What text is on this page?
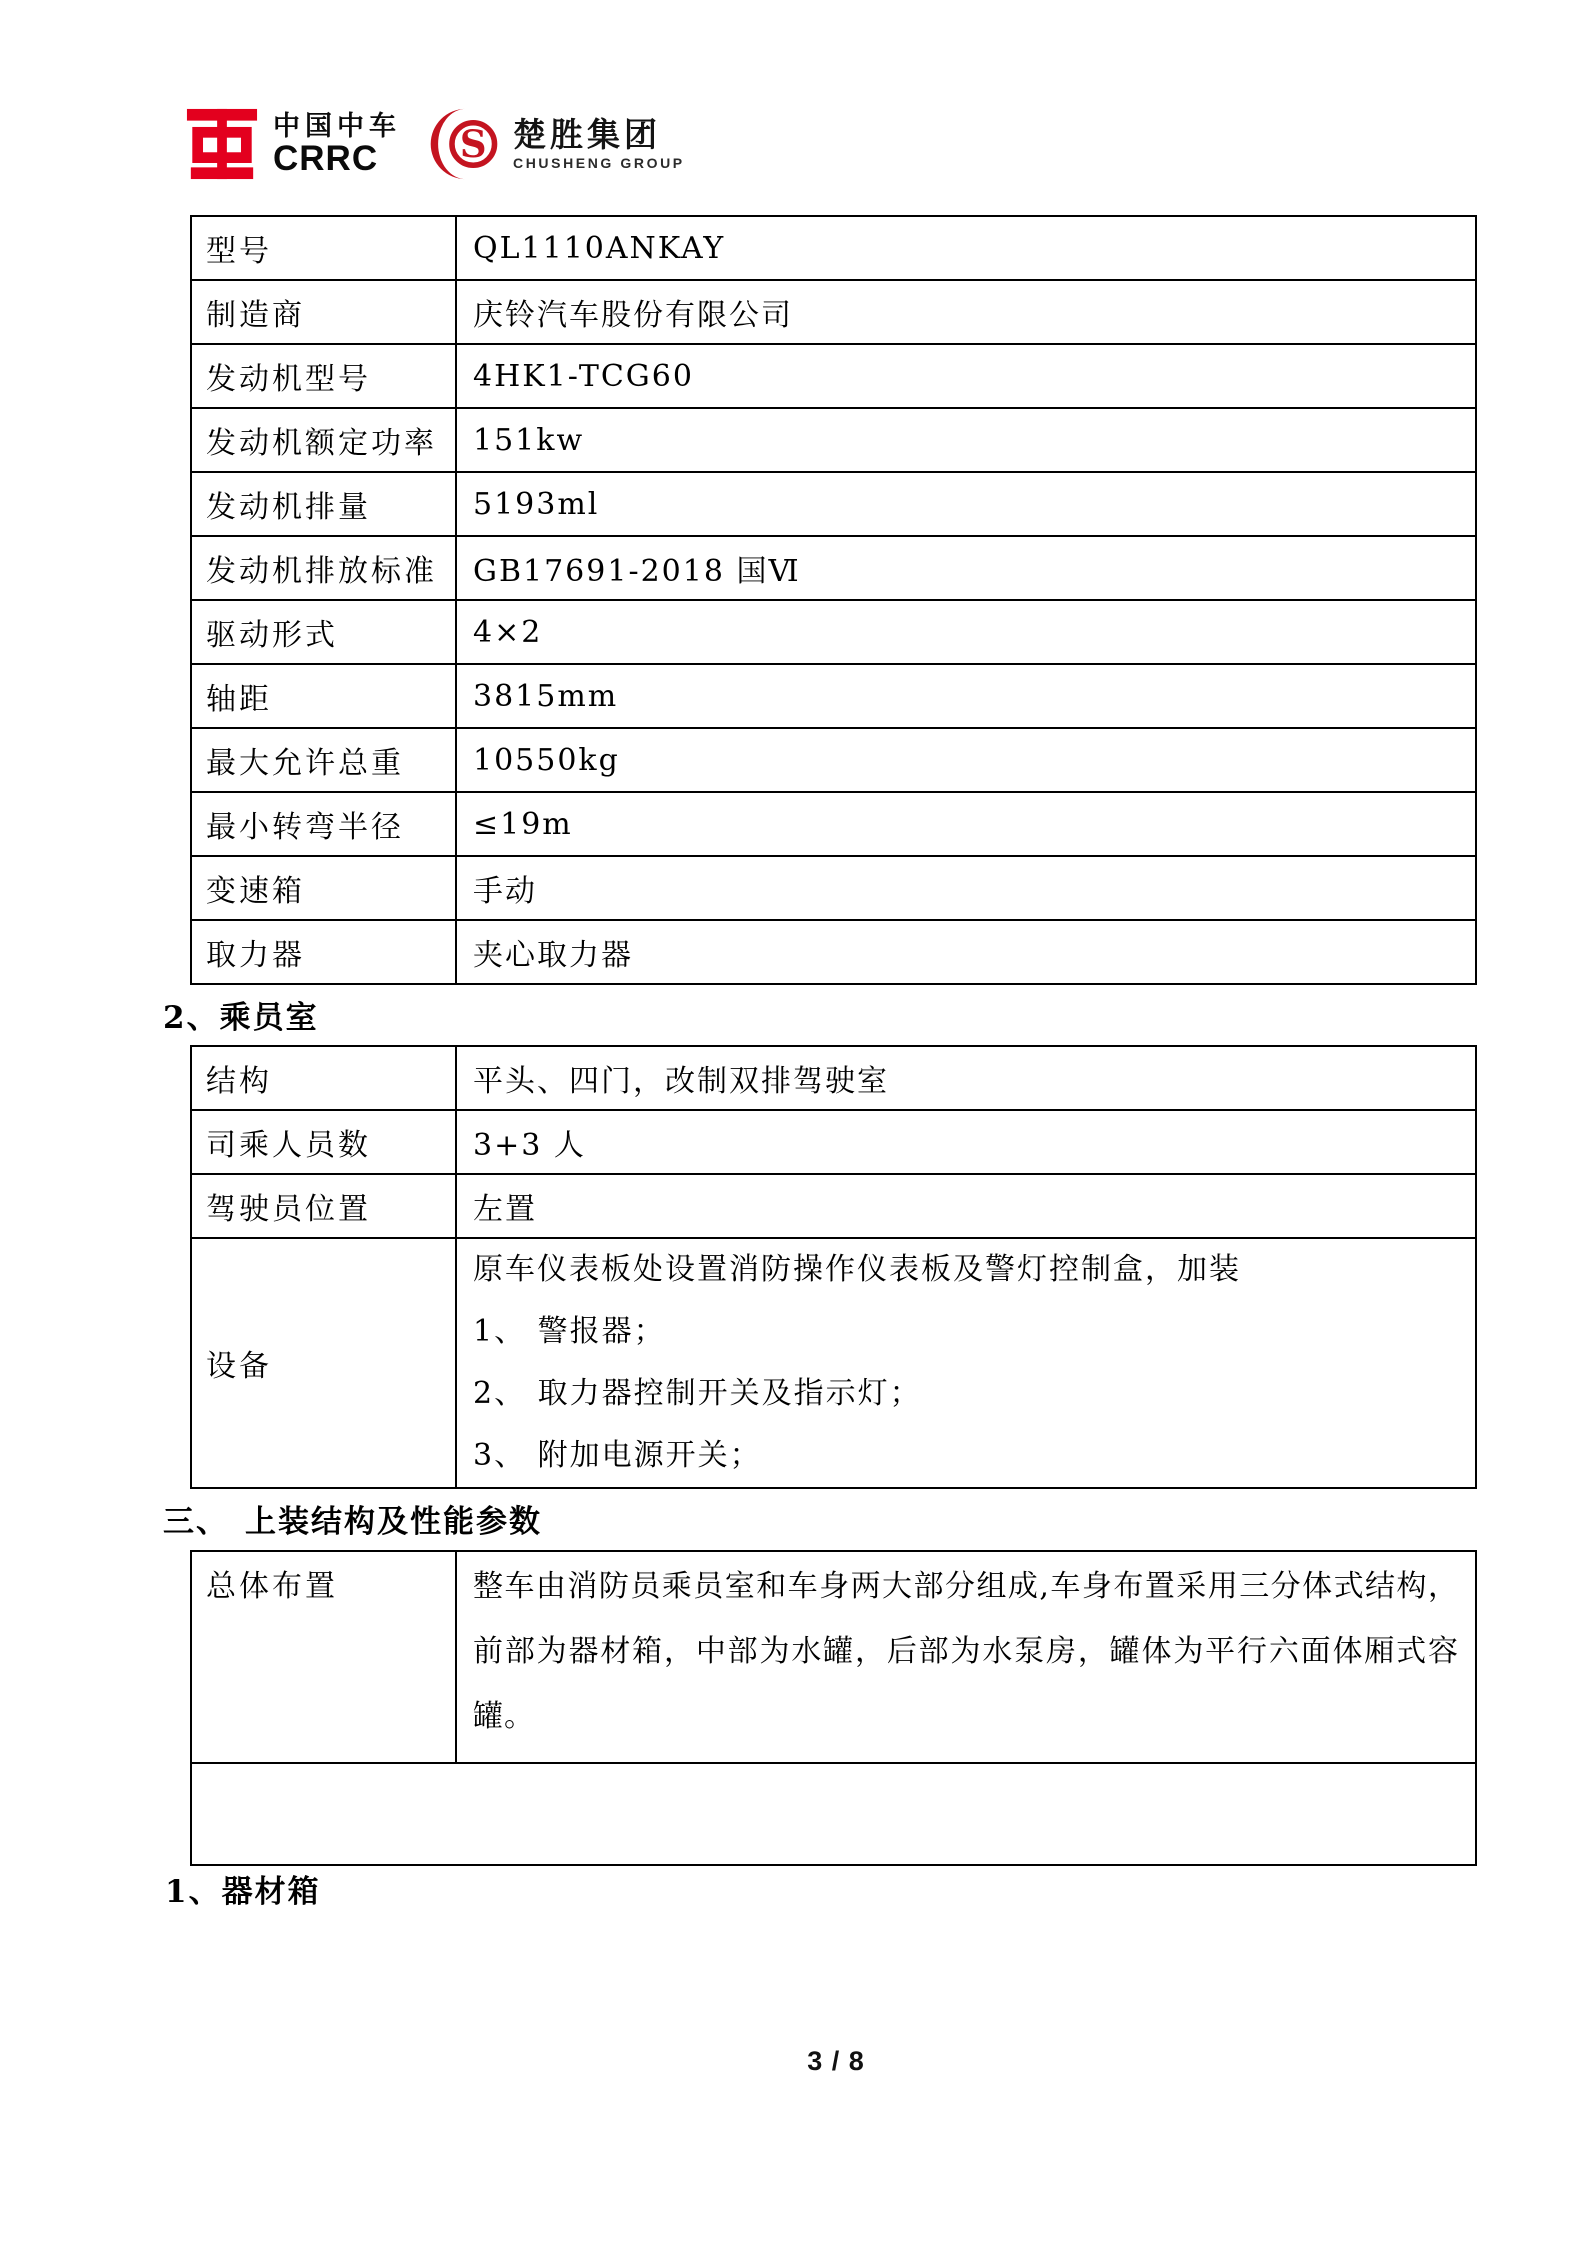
中国中车
CRRC	S 楚胜集团
CHUSHENG GROUP
型号	QL1110ANKAY
制造商	庆铃汽车股份有限公司
发动机型号	4HK1-TCG60
发动机额定功率	151kw
发动机排量	5193ml
发动机排放标准	GB17691-2018 国Ⅵ
驱动形式	4×2
轴距	3815mm
最大允许总重	10550kg
最小转弯半径	≤19m
变速箱	手动
取力器	夹心取力器
2、乘员室
结构	平头、四门，改制双排驾驶室
司乘人员数	3+3 人
驾驶员位置	左置
设备	原车仪表板处设置消防操作仪表板及警灯控制盒，加装
1、 警报器；
2、 取力器控制开关及指示灯；
3、 附加电源开关；
三、 上装结构及性能参数
总体布置	整车由消防员乘员室和车身两大部分组成,车身布置采用三分体式结构，
前部为器材箱，中部为水罐，后部为水泵房，罐体为平行六面体厢式容
罐。

1、器材箱
3 / 8
